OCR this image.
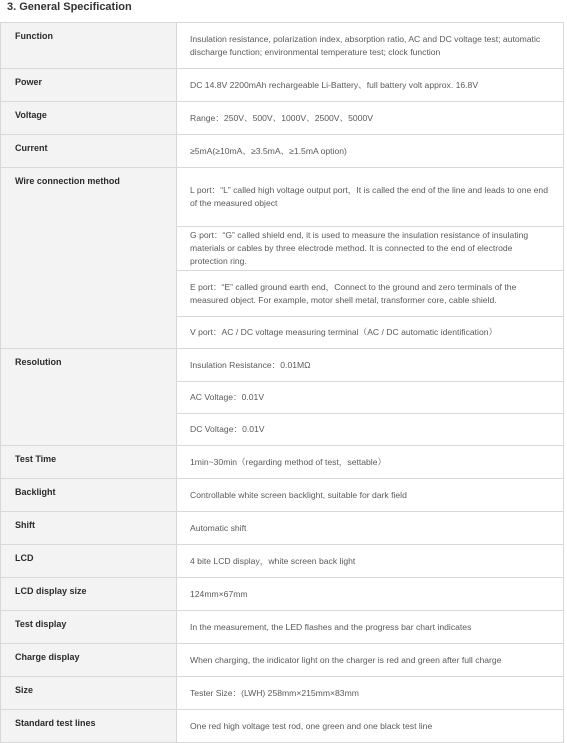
3. General Specification
Function	Insulation resistance, polarization index, absorption ratio, AC and DC voltage test; automatic discharge function; environmental temperature test; clock function

Power	DC 14.8V 2200mAh rechargeable Li-Battery、full battery volt approx. 16.8V

Voltage	Range：250V、500V、1000V、2500V、5000V

Current	≥5mA(≥10mA、≥3.5mA、≥1.5mA option)

Wire connection method	L port：“L” called high voltage output port，It is called the end of the line and leads to one end of the measured object
G port：“G” called shield end, it is used to measure the insulation resistance of insulating materials or cables by three electrode method. It is connected to the end of electrode protection ring.
E port：“E” called ground earth end，Connect to the ground and zero terminals of the measured object. For example, motor shell metal, transformer core, cable shield.
V port：AC / DC voltage measuring terminal（AC / DC automatic identification）

Resolution	Insulation Resistance：0.01MΩ
AC Voltage：0.01V
DC Voltage：0.01V

Test Time	1min~30min（regarding method of test，settable）

Backlight	Controllable white screen backlight, suitable for dark field

Shift	Automatic shift

LCD	4 bite LCD display，white screen back light

LCD display size	124mm×67mm

Test display	In the measurement, the LED flashes and the progress bar chart indicates

Charge display	When charging, the indicator light on the charger is red and green after full charge

Size	Tester Size：(LWH) 258mm×215mm×83mm

Standard test lines	One red high voltage test rod, one green and one black test line
